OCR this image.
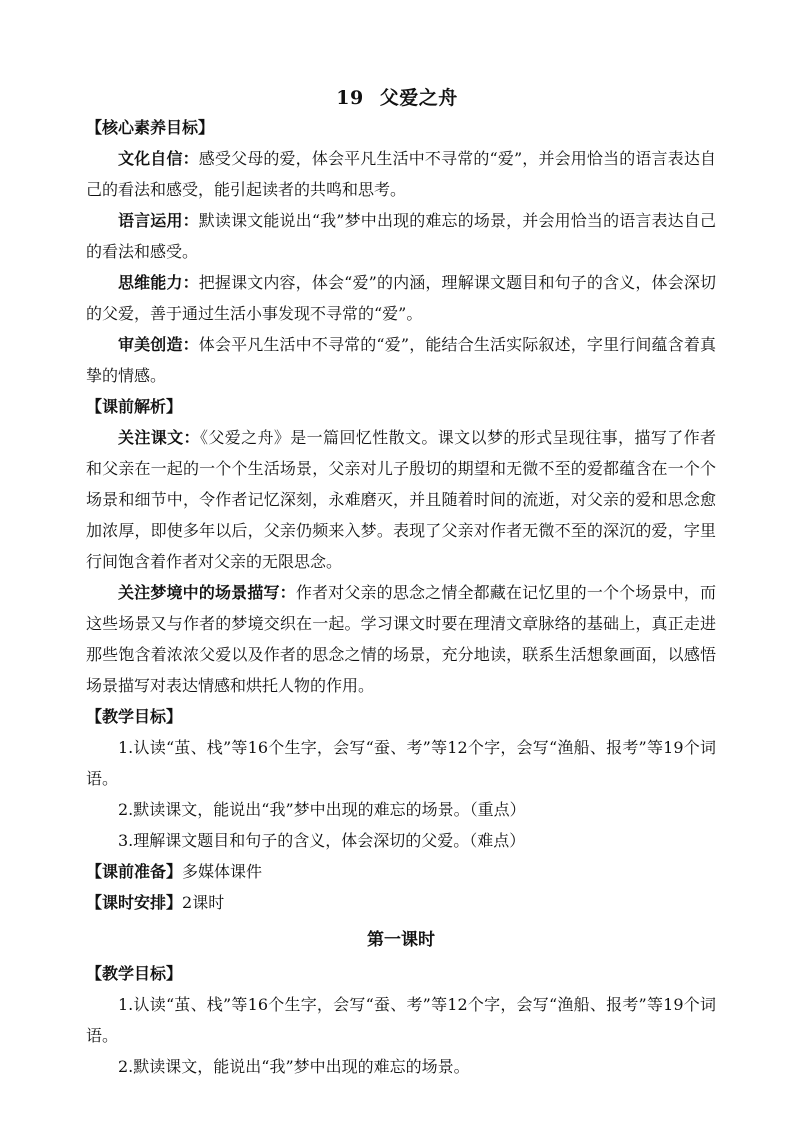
19 父爱之舟

【核心素养目标】

文化自信：感受父母的爱，体会平凡生活中不寻常的“爱”，并会用恰当的语言表达自己的看法和感受，能引起读者的共鸣和思考。

语言运用：默读课文能说出“我”梦中出现的难忘的场景，并会用恰当的语言表达自己的看法和感受。

思维能力：把握课文内容，体会“爱”的内涵，理解课文题目和句子的含义，体会深切的父爱，善于通过生活小事发现不寻常的“爱”。

审美创造：体会平凡生活中不寻常的“爱”，能结合生活实际叙述，字里行间蕴含着真挚的情感。

【课前解析】

关注课文：《父爱之舟》是一篇回忆性散文。课文以梦的形式呈现往事，描写了作者和父亲在一起的一个个生活场景，父亲对儿子殷切的期望和无微不至的爱都蕴含在一个个场景和细节中，令作者记忆深刻，永难磨灭，并且随着时间的流逝，对父亲的爱和思念愈加浓厚，即使多年以后，父亲仍频来入梦。表现了父亲对作者无微不至的深沉的爱，字里行间饱含着作者对父亲的无限思念。

关注梦境中的场景描写：作者对父亲的思念之情全都藏在记忆里的一个个场景中，而这些场景又与作者的梦境交织在一起。学习课文时要在理清文章脉络的基础上，真正走进那些饱含着浓浓父爱以及作者的思念之情的场景，充分地读，联系生活想象画面，以感悟场景描写对表达情感和烘托人物的作用。

【教学目标】

1.认读“茧、栈”等16个生字，会写“蚕、考”等12个字，会写“渔船、报考”等19个词语。

2.默读课文，能说出“我”梦中出现的难忘的场景。（重点）

3.理解课文题目和句子的含义，体会深切的父爱。（难点）

【课前准备】多媒体课件

【课时安排】2课时

第一课时

【教学目标】

1.认读“茧、栈”等16个生字，会写“蚕、考”等12个字，会写“渔船、报考”等19个词语。

2.默读课文，能说出“我”梦中出现的难忘的场景。
